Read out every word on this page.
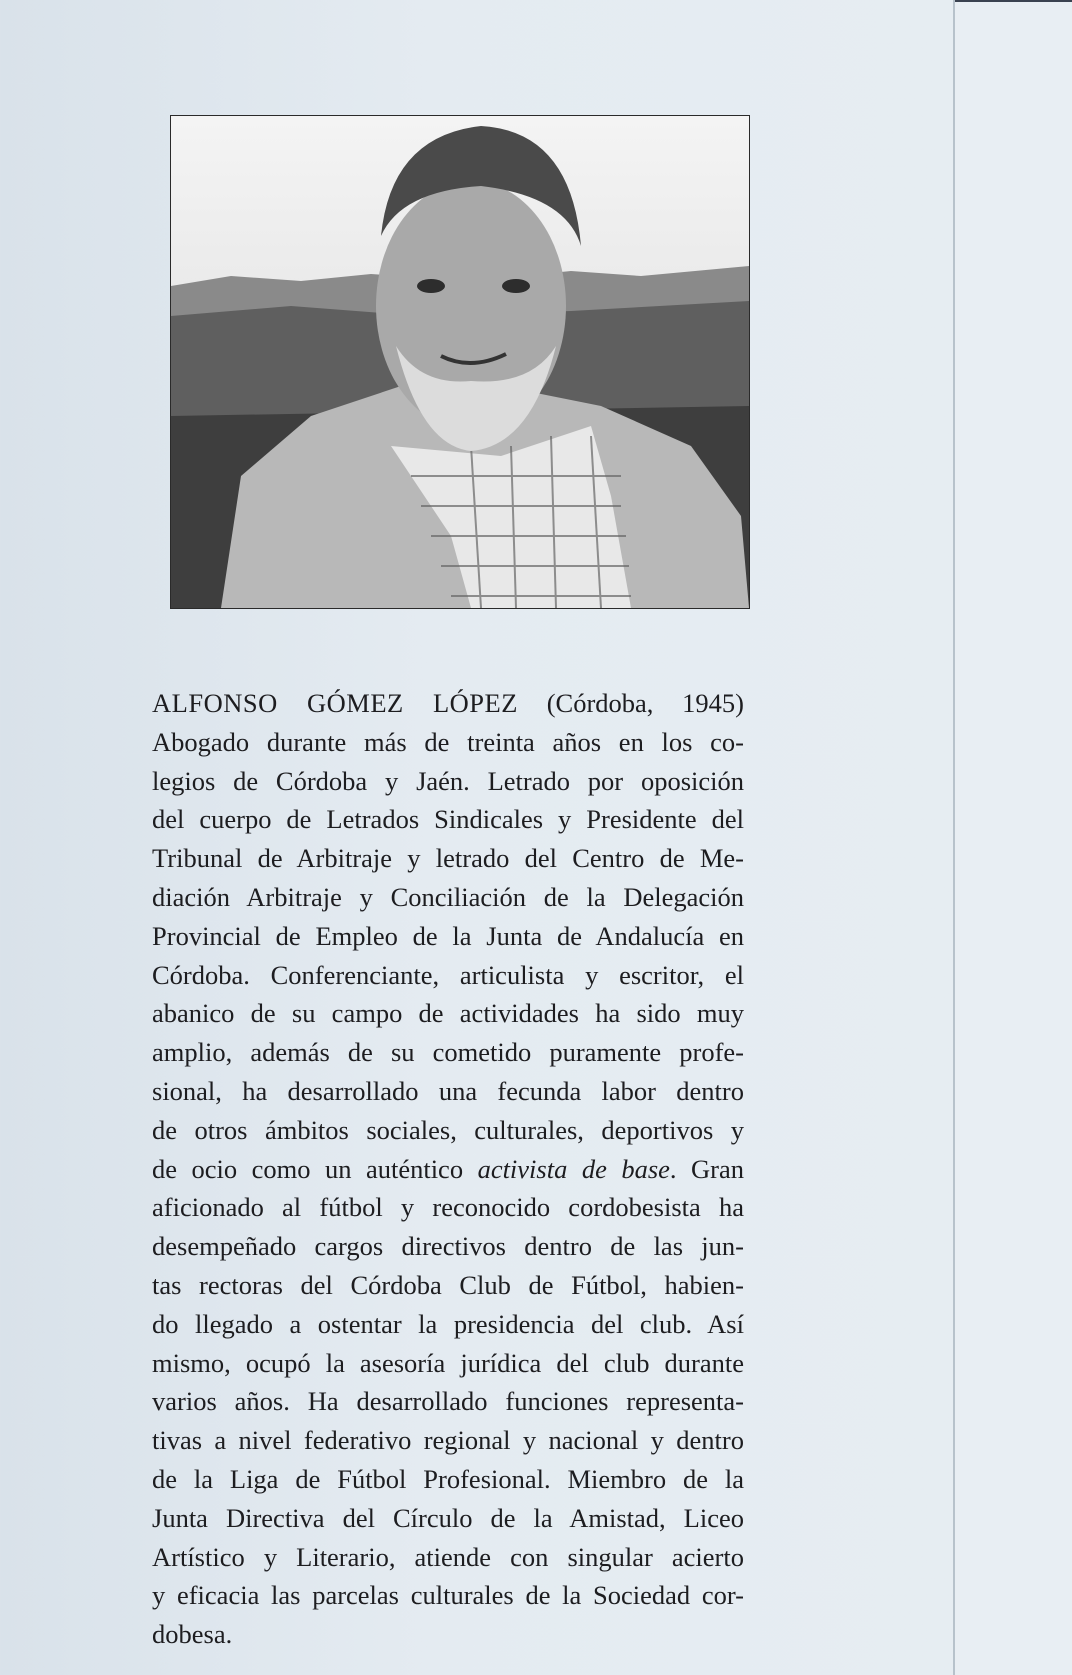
ALFONSO GÓMEZ LÓPEZ (Córdoba, 1945)
Abogado durante más de treinta años en los co-
legios de Córdoba y Jaén. Letrado por oposición
del cuerpo de Letrados Sindicales y Presidente del
Tribunal de Arbitraje y letrado del Centro de Me-
diación Arbitraje y Conciliación de la Delegación
Provincial de Empleo de la Junta de Andalucía en
Córdoba. Conferenciante, articulista y escritor, el
abanico de su campo de actividades ha sido muy
amplio, además de su cometido puramente profe-
sional, ha desarrollado una fecunda labor dentro
de otros ámbitos sociales, culturales, deportivos y
de ocio como un auténtico activista de base. Gran
aficionado al fútbol y reconocido cordobesista ha
desempeñado cargos directivos dentro de las jun-
tas rectoras del Córdoba Club de Fútbol, habien-
do llegado a ostentar la presidencia del club. Así
mismo, ocupó la asesoría jurídica del club durante
varios años. Ha desarrollado funciones representa-
tivas a nivel federativo regional y nacional y dentro
de la Liga de Fútbol Profesional. Miembro de la
Junta Directiva del Círculo de la Amistad, Liceo
Artístico y Literario, atiende con singular acierto
y eficacia las parcelas culturales de la Sociedad cor-
dobesa.
